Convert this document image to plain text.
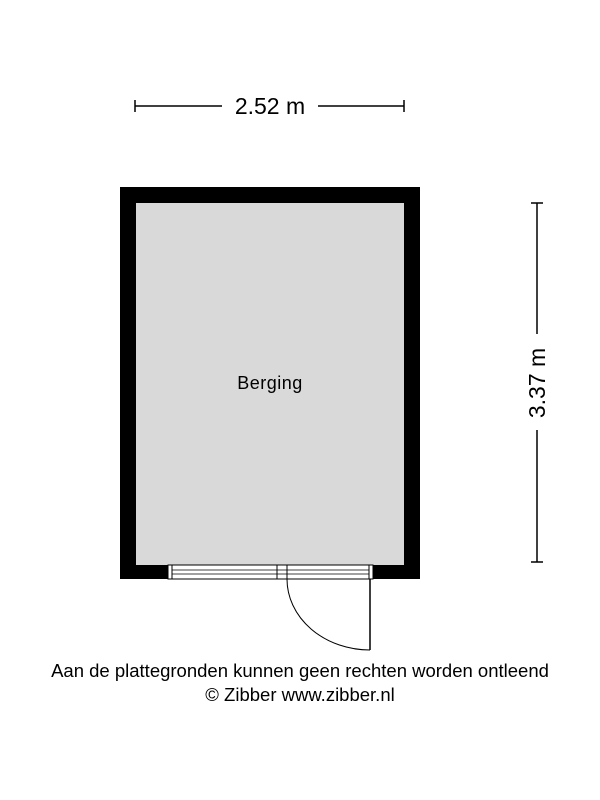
2.52 m
3.37 m
Berging
Aan de plattegronden kunnen geen rechten worden ontleend
© Zibber www.zibber.nl
